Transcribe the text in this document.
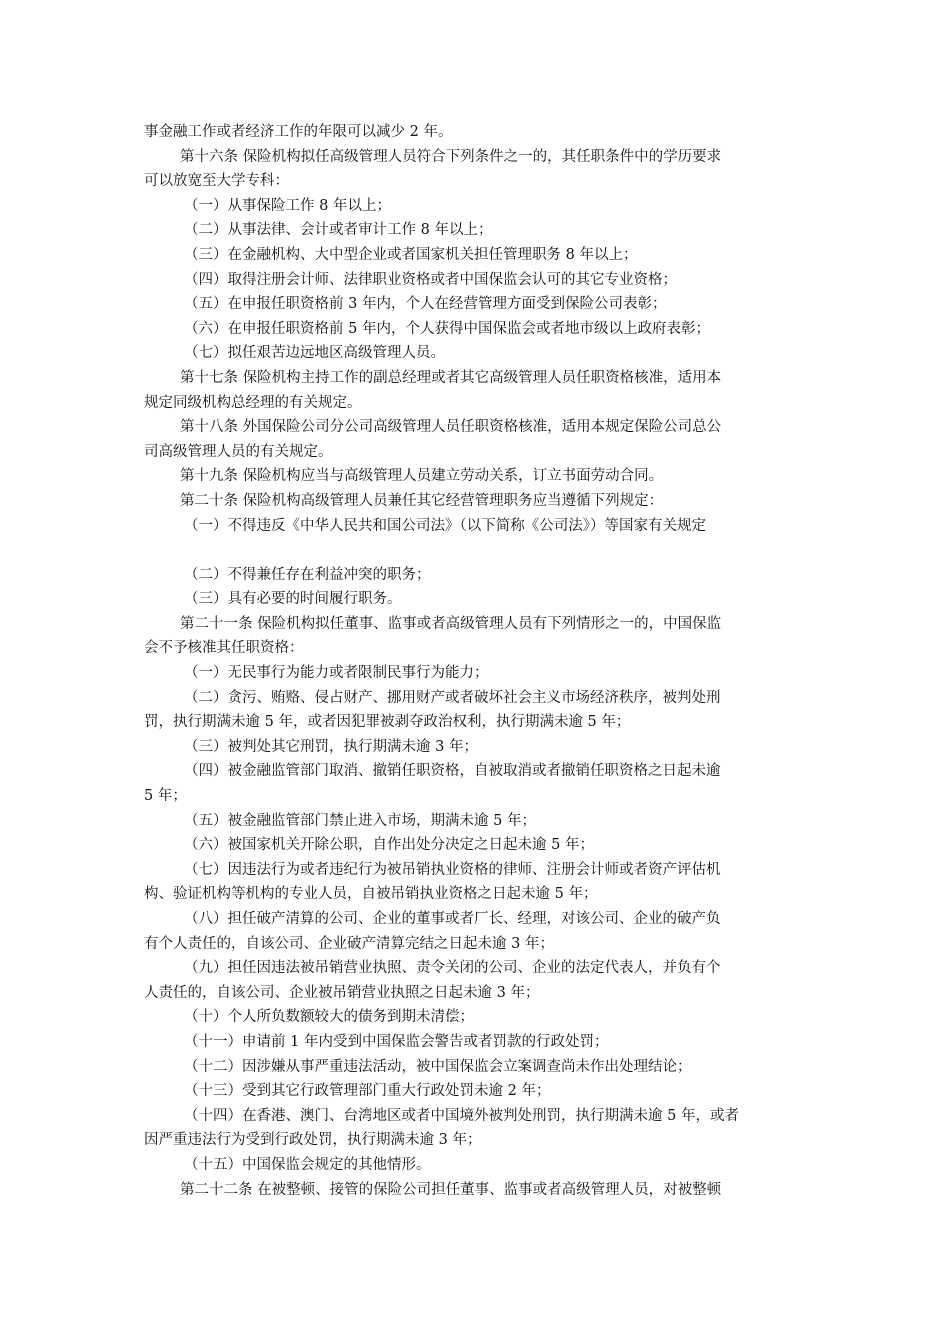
事金融工作或者经济工作的年限可以减少 2 年。
第十六条 保险机构拟任高级管理人员符合下列条件之一的，其任职条件中的学历要求
可以放宽至大学专科：
（一）从事保险工作 8 年以上；
（二）从事法律、会计或者审计工作 8 年以上；
（三）在金融机构、大中型企业或者国家机关担任管理职务 8 年以上；
（四）取得注册会计师、法律职业资格或者中国保监会认可的其它专业资格；
（五）在申报任职资格前 3 年内，个人在经营管理方面受到保险公司表彰；
（六）在申报任职资格前 5 年内，个人获得中国保监会或者地市级以上政府表彰；
（七）拟任艰苦边远地区高级管理人员。
第十七条 保险机构主持工作的副总经理或者其它高级管理人员任职资格核准，适用本
规定同级机构总经理的有关规定。
第十八条 外国保险公司分公司高级管理人员任职资格核准，适用本规定保险公司总公
司高级管理人员的有关规定。
第十九条 保险机构应当与高级管理人员建立劳动关系，订立书面劳动合同。
第二十条 保险机构高级管理人员兼任其它经营管理职务应当遵循下列规定：
（一）不得违反《中华人民共和国公司法》（以下简称《公司法》）等国家有关规定
（二）不得兼任存在利益冲突的职务；
（三）具有必要的时间履行职务。
第二十一条 保险机构拟任董事、监事或者高级管理人员有下列情形之一的，中国保监
会不予核准其任职资格：
（一）无民事行为能力或者限制民事行为能力；
（二）贪污、贿赂、侵占财产、挪用财产或者破坏社会主义市场经济秩序，被判处刑
罚，执行期满未逾 5 年，或者因犯罪被剥夺政治权利，执行期满未逾 5 年；
（三）被判处其它刑罚，执行期满未逾 3 年；
（四）被金融监管部门取消、撤销任职资格，自被取消或者撤销任职资格之日起未逾
5 年；
（五）被金融监管部门禁止进入市场，期满未逾 5 年；
（六）被国家机关开除公职，自作出处分决定之日起未逾 5 年；
（七）因违法行为或者违纪行为被吊销执业资格的律师、注册会计师或者资产评估机
构、验证机构等机构的专业人员，自被吊销执业资格之日起未逾 5 年；
（八）担任破产清算的公司、企业的董事或者厂长、经理，对该公司、企业的破产负
有个人责任的，自该公司、企业破产清算完结之日起未逾 3 年；
（九）担任因违法被吊销营业执照、责令关闭的公司、企业的法定代表人，并负有个
人责任的，自该公司、企业被吊销营业执照之日起未逾 3 年；
（十）个人所负数额较大的债务到期未清偿；
（十一）申请前 1 年内受到中国保监会警告或者罚款的行政处罚；
（十二）因涉嫌从事严重违法活动，被中国保监会立案调查尚未作出处理结论；
（十三）受到其它行政管理部门重大行政处罚未逾 2 年；
（十四）在香港、澳门、台湾地区或者中国境外被判处刑罚，执行期满未逾 5 年，或者
因严重违法行为受到行政处罚，执行期满未逾 3 年；
（十五）中国保监会规定的其他情形。
第二十二条 在被整顿、接管的保险公司担任董事、监事或者高级管理人员，对被整顿
